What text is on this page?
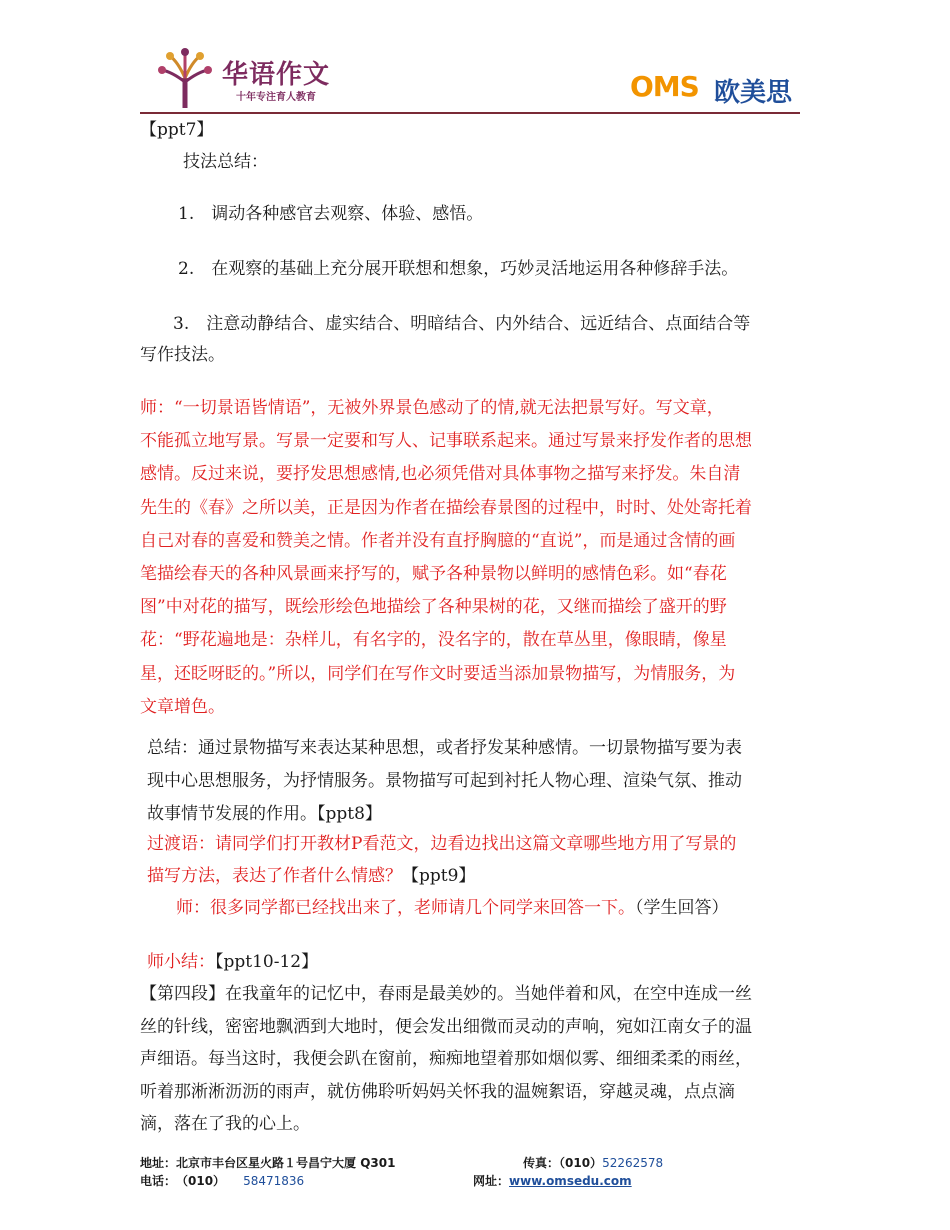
华语作文
十年专注育人教育	OMS 欧美思
【ppt7】
技法总结：
1.　调动各种感官去观察、体验、感悟。
2.　在观察的基础上充分展开联想和想象，巧妙灵活地运用各种修辞手法。
3.　注意动静结合、虚实结合、明暗结合、内外结合、远近结合、点面结合等
写作技法。
师：“一切景语皆情语”，无被外界景色感动了的情,就无法把景写好。写文章，
不能孤立地写景。写景一定要和写人、记事联系起来。通过写景来抒发作者的思想
感情。反过来说，要抒发思想感情,也必须凭借对具体事物之描写来抒发。朱自清
先生的《春》之所以美，正是因为作者在描绘春景图的过程中，时时、处处寄托着
自己对春的喜爱和赞美之情。作者并没有直抒胸臆的“直说”，而是通过含情的画
笔描绘春天的各种风景画来抒写的，赋予各种景物以鲜明的感情色彩。如“春花
图”中对花的描写，既绘形绘色地描绘了各种果树的花，又继而描绘了盛开的野
花：“野花遍地是：杂样儿，有名字的，没名字的，散在草丛里，像眼睛，像星
星，还眨呀眨的。”所以，同学们在写作文时要适当添加景物描写，为情服务，为
文章增色。
总结：通过景物描写来表达某种思想，或者抒发某种感情。一切景物描写要为表
现中心思想服务，为抒情服务。景物描写可起到衬托人物心理、渲染气氛、推动
故事情节发展的作用。【ppt8】
过渡语：请同学们打开教材P看范文，边看边找出这篇文章哪些地方用了写景的
描写方法，表达了作者什么情感？【ppt9】
师：很多同学都已经找出来了，老师请几个同学来回答一下。（学生回答）
师小结：【ppt10-12】
【第四段】在我童年的记忆中，春雨是最美妙的。当她伴着和风，在空中连成一丝
丝的针线，密密地飘洒到大地时，便会发出细微而灵动的声响，宛如江南女子的温
声细语。每当这时，我便会趴在窗前，痴痴地望着那如烟似雾、细细柔柔的雨丝，
听着那淅淅沥沥的雨声，就仿佛聆听妈妈关怀我的温婉絮语，穿越灵魂，点点滴
滴，落在了我的心上。
地址：北京市丰台区星火路１号昌宁大厦 Q301	传真：（010）52262578
电话：　（010） 58471836	网址：www.omsedu.com
